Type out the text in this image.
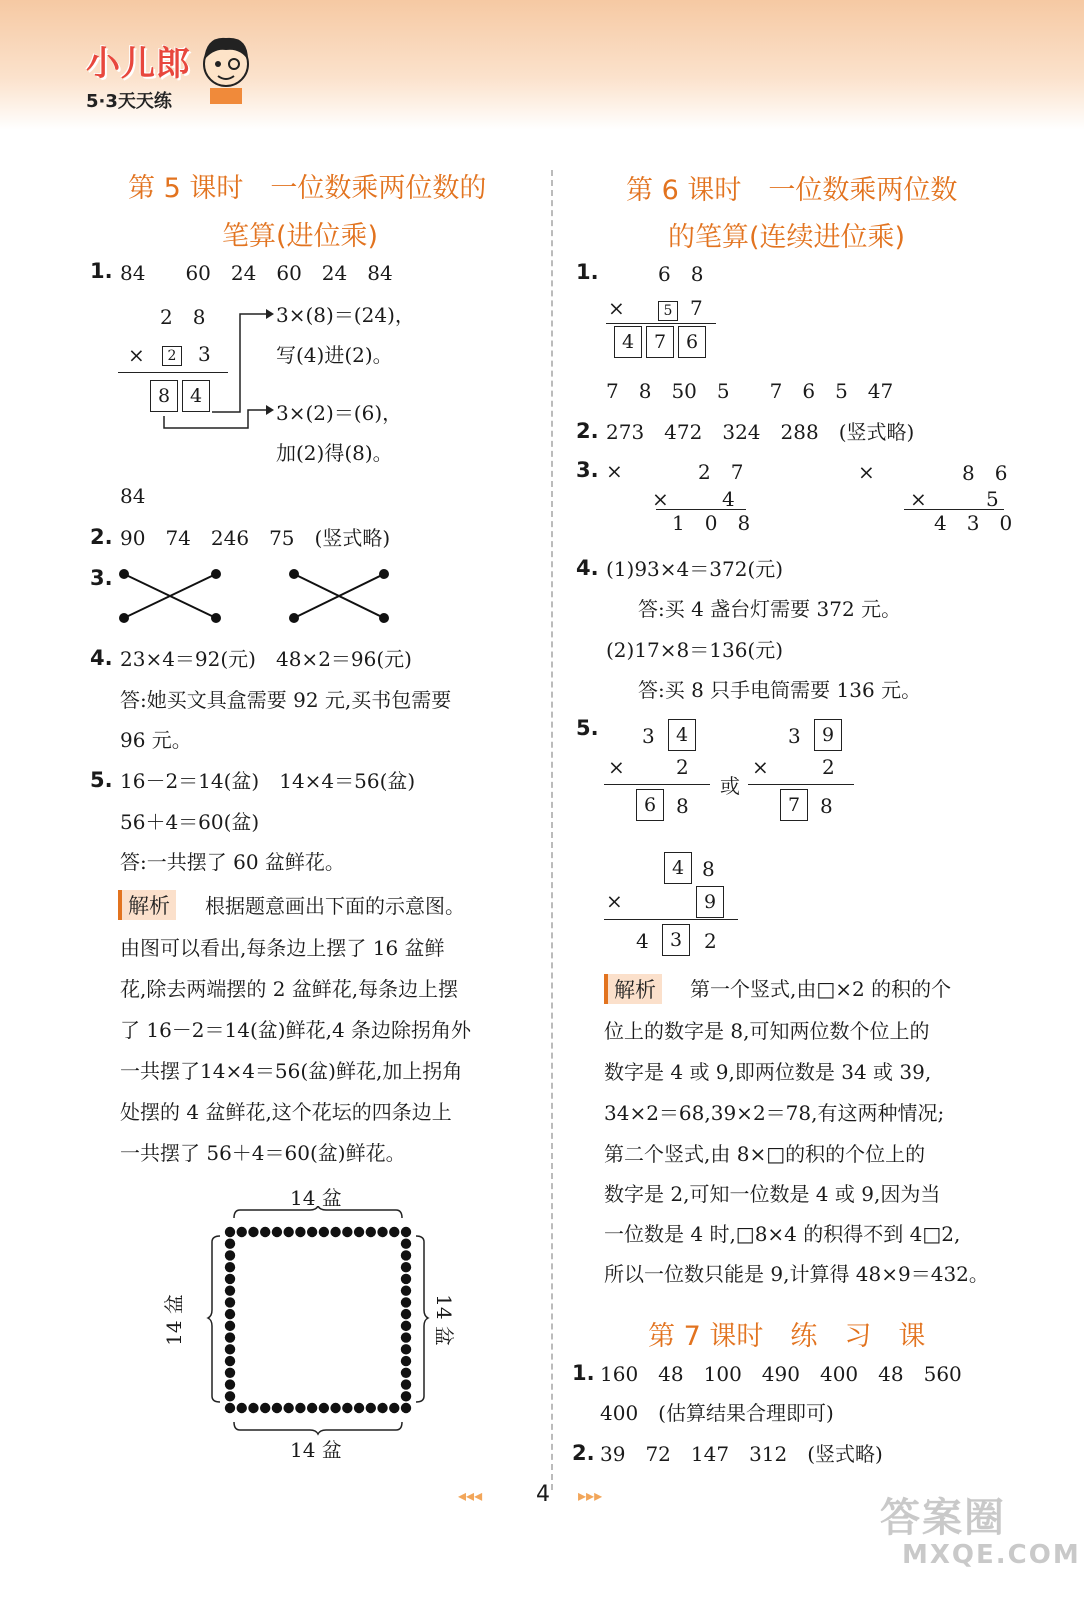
小儿郎
5·3天天练
第 5 课时　一位数乘两位数的
笔算(进位乘)
1. 84　　60　24　60　24　84
2　8
×	2 3
8 4
3×(8)＝(24)，
写(4)进(2)。
3×(2)＝(6)，
加(2)得(8)。
84
2. 90　74　246　75　(竖式略)
3.
4. 23×4＝92(元)　48×2＝96(元)
答:她买文具盒需要 92 元,买书包需要
96 元。
5. 16－2＝14(盆)　14×4＝56(盆)
56＋4＝60(盆)
答:一共摆了 60 盆鲜花。
解析	根据题意画出下面的示意图。
由图可以看出,每条边上摆了 16 盆鲜
花,除去两端摆的 2 盆鲜花,每条边上摆
了 16－2＝14(盆)鲜花,4 条边除拐角外
一共摆了14×4＝56(盆)鲜花,加上拐角
处摆的 4 盆鲜花,这个花坛的四条边上
一共摆了 56＋4＝60(盆)鲜花。
14 盆
14 盆
14 盆	14 盆
第 6 课时　一位数乘两位数
的笔算(连续进位乘)
1.	6　8
×	5 7
4 7 6
7　8　50　5　　7　6　5　47
2. 273　472　324　288　(竖式略)
3. ×	2　7
×	4
1　0　8
×	8　6
×	5
4　3　0
4. (1)93×4＝372(元)
答:买 4 盏台灯需要 372 元。
(2)17×8＝136(元)
答:买 8 只手电筒需要 136 元。
5. 3	4
×	2
6 8
或
3	9
×	2
7 8
4 8
×	9
4	3	2
解析	第一个竖式,由□×2 的积的个
位上的数字是 8,可知两位数个位上的
数字是 4 或 9,即两位数是 34 或 39,
34×2＝68,39×2＝78,有这两种情况;
第二个竖式,由 8×□的积的个位上的
数字是 2,可知一位数是 4 或 9,因为当
一位数是 4 时,□8×4 的积得不到 4□2,
所以一位数只能是 9,计算得 48×9＝432。
第 7 课时　练　习　课
1. 160　48　100　490　400　48　560
400　(估算结果合理即可)
2. 39　72　147　312　(竖式略)
◂◂◂ 4 ▸▸▸	答案圈
MXQE.COM
